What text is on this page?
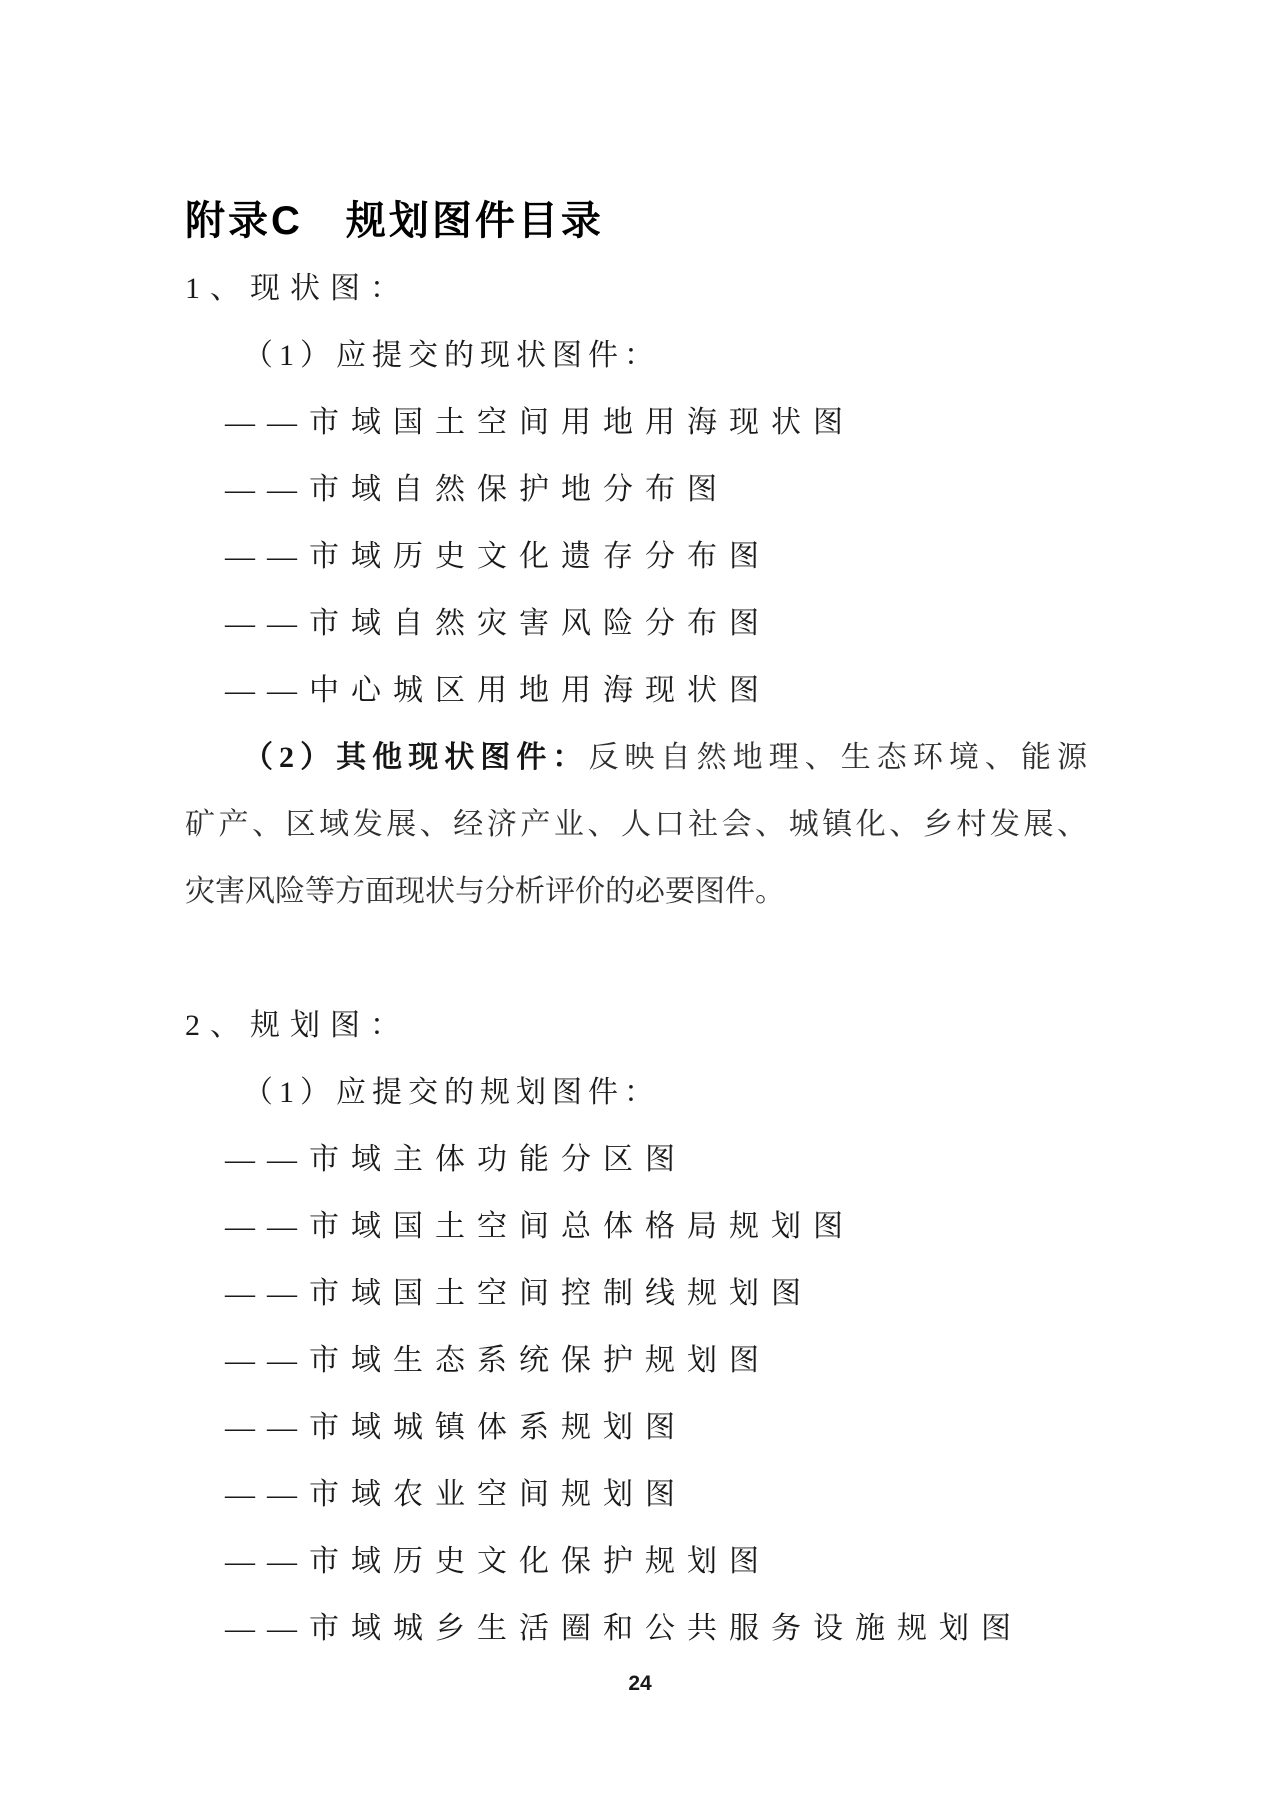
附录C　规划图件目录
1、现状图：
（1）应提交的现状图件：
——市域国土空间用地用海现状图
——市域自然保护地分布图
——市域历史文化遗存分布图
——市域自然灾害风险分布图
——中心城区用地用海现状图
（2）其他现状图件：反映自然地理、生态环境、能源
矿产、区域发展、经济产业、人口社会、城镇化、乡村发展、
灾害风险等方面现状与分析评价的必要图件。
2、规划图：
（1）应提交的规划图件：
——市域主体功能分区图
——市域国土空间总体格局规划图
——市域国土空间控制线规划图
——市域生态系统保护规划图
——市域城镇体系规划图
——市域农业空间规划图
——市域历史文化保护规划图
——市域城乡生活圈和公共服务设施规划图
24
